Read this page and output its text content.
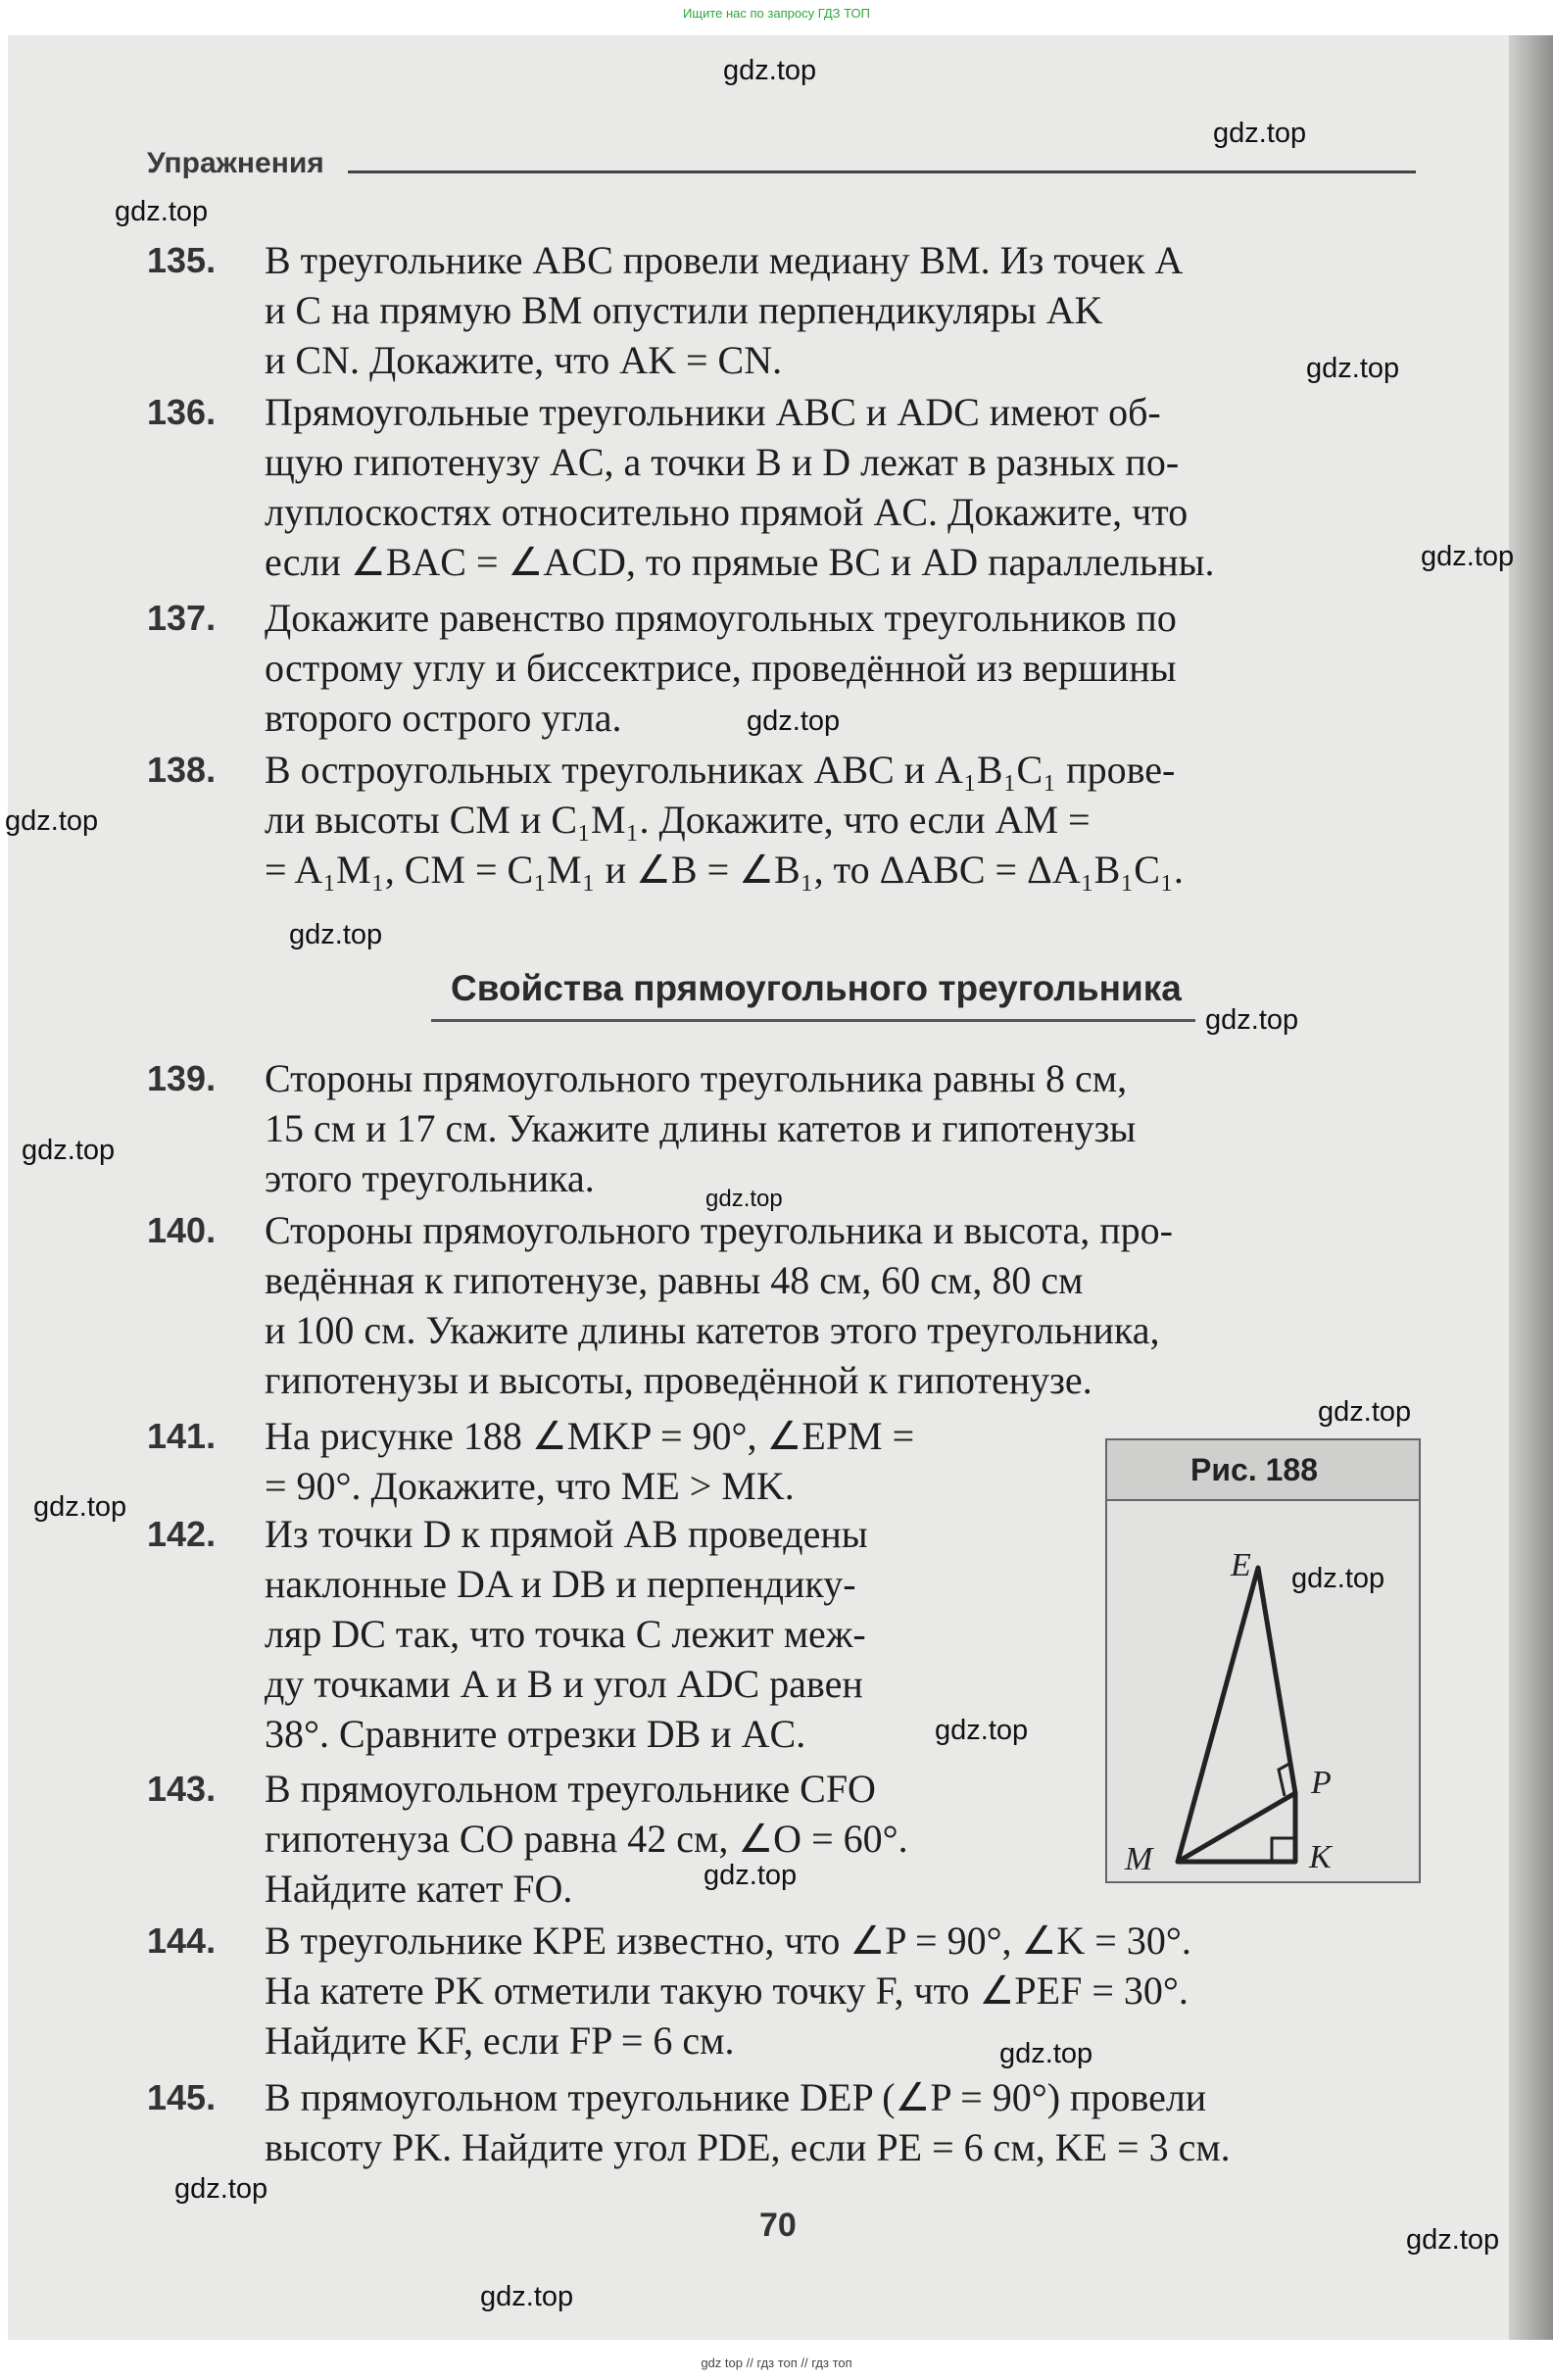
Ищите нас по запросу ГДЗ ТОП
Упражнения
135.	В треугольнике ABC провели медиану BM. Из точек A
и C на прямую BM опустили перпендикуляры AK
и CN. Докажите, что AK = CN.
136.	Прямоугольные треугольники ABC и ADC имеют об-
щую гипотенузу AC, а точки B и D лежат в разных по-
луплоскостях относительно прямой AC. Докажите, что
если ∠BAC = ∠ACD, то прямые BC и AD параллельны.
137.	Докажите равенство прямоугольных треугольников по
острому углу и биссектрисе, проведённой из вершины
второго острого угла.
138.	В остроугольных треугольниках ABC и A₁B₁C₁ прове-
ли высоты CM и C₁M₁. Докажите, что если AM =
= A₁M₁, CM = C₁M₁ и ∠B = ∠B₁, то ΔABC = ΔA₁B₁C₁.
Свойства прямоугольного треугольника
139.	Стороны прямоугольного треугольника равны 8 см,
15 см и 17 см. Укажите длины катетов и гипотенузы
этого треугольника.
140.	Стороны прямоугольного треугольника и высота, про-
ведённая к гипотенузе, равны 48 см, 60 см, 80 см
и 100 см. Укажите длины катетов этого треугольника,
гипотенузы и высоты, проведённой к гипотенузе.
141.	На рисунке 188 ∠MKP = 90°, ∠EPM =
= 90°. Докажите, что ME > MK.
142.	Из точки D к прямой AB проведены
наклонные DA и DB и перпендику-
ляр DC так, что точка C лежит меж-
ду точками A и B и угол ADC равен
38°. Сравните отрезки DB и AC.
143.	В прямоугольном треугольнике CFO
гипотенуза CO равна 42 см, ∠O = 60°.
Найдите катет FO.
144.	В треугольнике KPE известно, что ∠P = 90°, ∠K = 30°.
На катете PK отметили такую точку F, что ∠PEF = 30°.
Найдите KF, если FP = 6 см.
145.	В прямоугольном треугольнике DEP (∠P = 90°) провели
высоту PK. Найдите угол PDE, если PE = 6 см, KE = 3 см.
Рис. 188
E
P
M	K
70
gdz.top
gdz.top
gdz.top
gdz.top
gdz.top
gdz.top
gdz.top
gdz.top
gdz.top
gdz.top
gdz.top
gdz.top
gdz.top
gdz.top
gdz.top
gdz.top
gdz.top
gdz.top
gdz.top
gdz.top
gdz top // гдз топ // гдз топ
